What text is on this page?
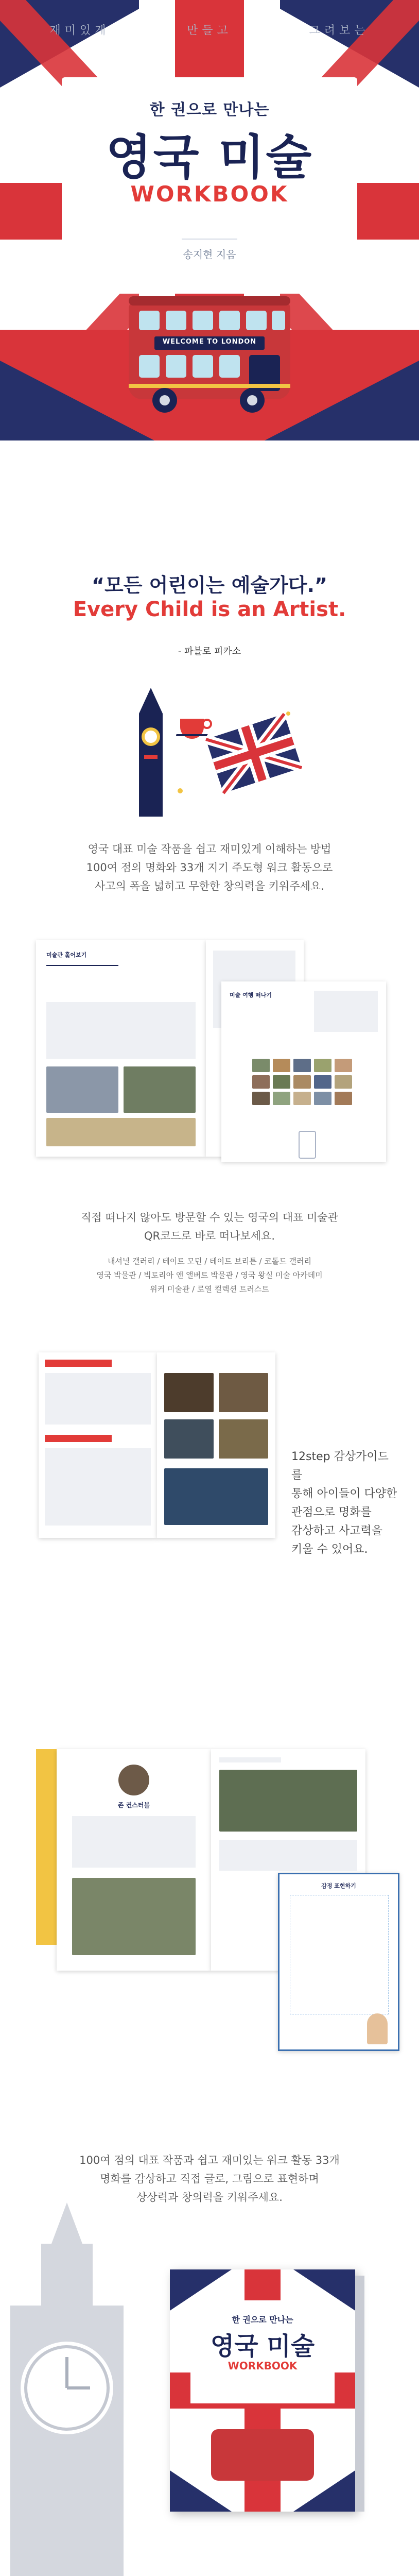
재미있게	만들고	그려보는
한 권으로 만나는
영국 미술
WORKBOOK
송지현 지음
WELCOME TO LONDON
“모든 어린이는 예술가다.”
Every Child is an Artist.
- 파블로 피카소
영국 대표 미술 작품을 쉽고 재미있게 이해하는 방법
100여 점의 명화와 33개 지기 주도형 워크 활동으로
사고의 폭을 넓히고 무한한 창의력을 키워주세요.
미술관 훑어보기
미술 여행 떠나기
직접 떠나지 않아도 방문할 수 있는 영국의 대표 미술관
QR코드로 바로 떠나보세요.
내셔널 갤러리 / 테이트 모던 / 테이트 브리튼 / 코톨드 갤러리
영국 박물관 / 빅토리아 앤 앨버트 박물관 / 영국 왕실 미술 아카데미
위커 미술관 / 로열 컬렉션 트러스트
12step 감상가이드를
통해 아이들이 다양한
관점으로 명화를
감상하고 사고력을
키울 수 있어요.
존 컨스터블
감정 표현하기
100여 점의 대표 작품과 쉽고 재미있는 워크 활동 33개
명화를 감상하고 직접 글로, 그림으로 표현하며
상상력과 창의력을 키워주세요.
한 권으로 만나는
영국 미술
WORKBOOK
